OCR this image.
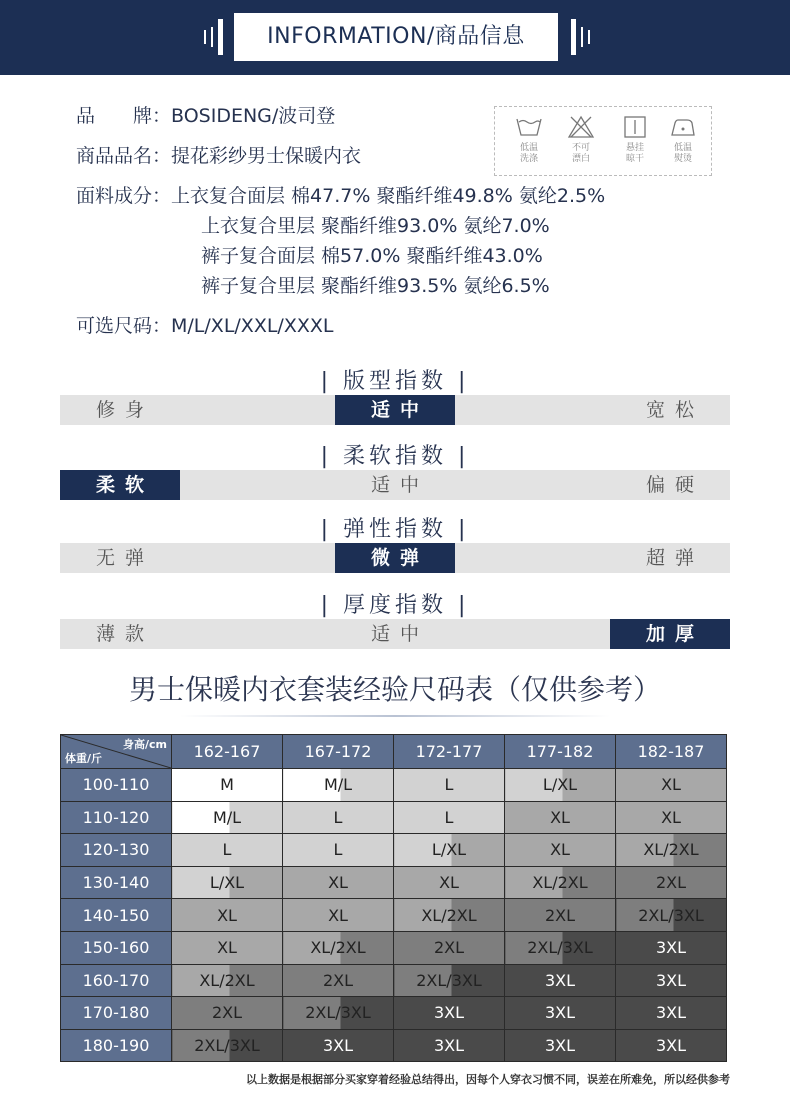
INFORMATION/商品信息
品　　牌：BOSIDENG/波司登
商品品名：提花彩纱男士保暖内衣
面料成分：上衣复合面层 棉47.7% 聚酯纤维49.8% 氨纶2.5%
上衣复合里层 聚酯纤维93.0% 氨纶7.0%
裤子复合面层 棉57.0% 聚酯纤维43.0%
裤子复合里层 聚酯纤维93.5% 氨纶6.5%
可选尺码：M/L/XL/XXL/XXXL
低温
洗涤
不可
漂白
悬挂
晾干
低温
熨烫
| 版型指数 |
修身	适中	宽松
| 柔软指数 |
柔软	适中	偏硬
| 弹性指数 |
无弹	微弹	超弹
| 厚度指数 |
薄款	适中	加厚
男士保暖内衣套装经验尺码表（仅供参考）
身高/cm
体重/斤	162-167	167-172	172-177	177-182	182-187
100-110	M	M/L	L	L/XL	XL
110-120	M/L	L	L	XL	XL
120-130	L	L	L/XL	XL	XL/2XL
130-140	L/XL	XL	XL	XL/2XL	2XL
140-150	XL	XL	XL/2XL	2XL	2XL/3XL
150-160	XL	XL/2XL	2XL	2XL/3XL	3XL
160-170	XL/2XL	2XL	2XL/3XL	3XL	3XL
170-180	2XL	2XL/3XL	3XL	3XL	3XL
180-190	2XL/3XL	3XL	3XL	3XL	3XL
以上数据是根据部分买家穿着经验总结得出，因每个人穿衣习惯不同，误差在所难免，所以经供参考
